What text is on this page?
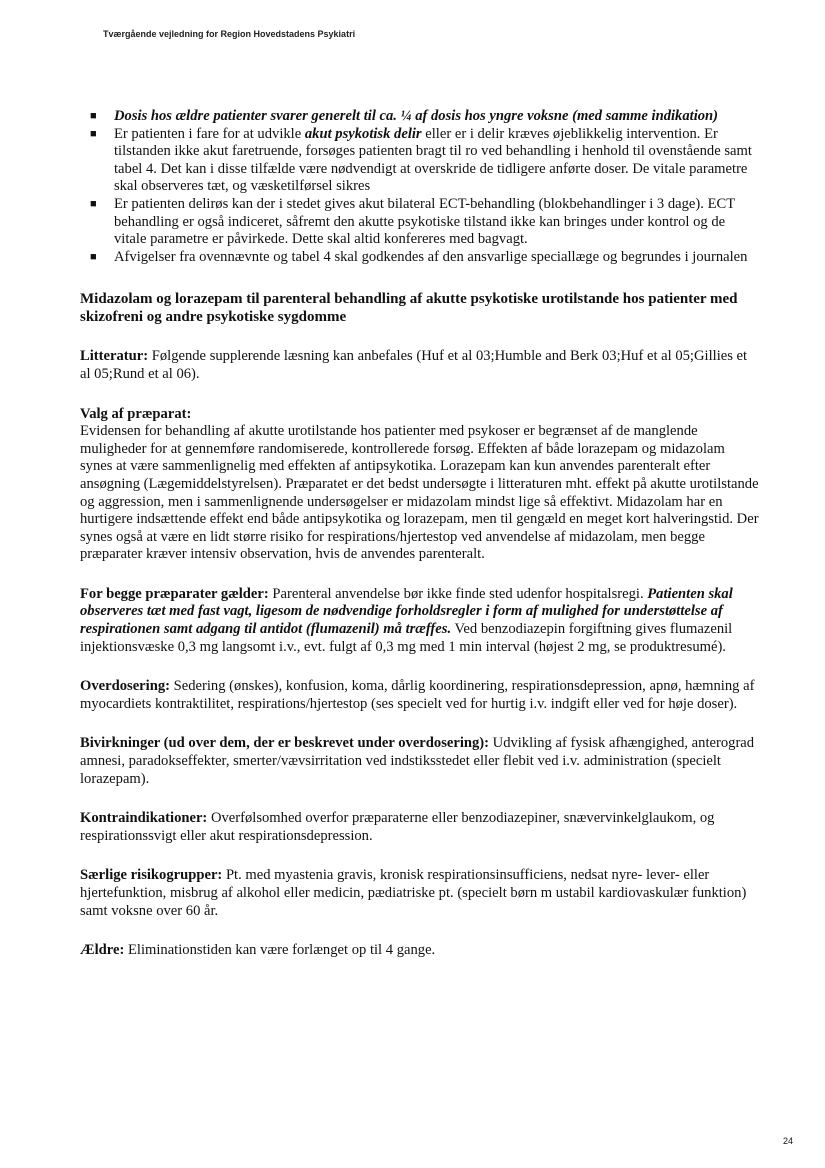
Tværgående vejledning for Region Hovedstadens Psykiatri
■ Dosis hos ældre patienter svarer generelt til ca. ¼ af dosis hos yngre voksne (med samme indikation)
■ Er patienten i fare for at udvikle akut psykotisk delir eller er i delir kræves øjeblikkelig intervention. Er tilstanden ikke akut faretruende, forsøges patienten bragt til ro ved behandling i henhold til ovenstående samt tabel 4. Det kan i disse tilfælde være nødvendigt at overskride de tidligere anførte doser. De vitale parametre skal observeres tæt, og væsketilførsel sikres
■ Er patienten delirøs kan der i stedet gives akut bilateral ECT-behandling (blokbehandlinger i 3 dage). ECT behandling er også indiceret, såfremt den akutte psykotiske tilstand ikke kan bringes under kontrol og de vitale parametre er påvirkede. Dette skal altid konfereres med bagvagt.
■ Afvigelser fra ovennævnte og tabel 4 skal godkendes af den ansvarlige speciallæge og begrundes i journalen
Midazolam og lorazepam til parenteral behandling af akutte psykotiske urotilstande hos patienter med skizofreni og andre psykotiske sygdomme

Litteratur: Følgende supplerende læsning kan anbefales (Huf et al 03;Humble and Berk 03;Huf et al 05;Gillies et al 05;Rund et al 06).

Valg af præparat:
Evidensen for behandling af akutte urotilstande hos patienter med psykoser er begrænset af de manglende muligheder for at gennemføre randomiserede, kontrollerede forsøg. Effekten af både lorazepam og midazolam synes at være sammenlignelig med effekten af antipsykotika. Lorazepam kan kun anvendes parenteralt efter ansøgning (Lægemiddelstyrelsen). Præparatet er det bedst undersøgte i litteraturen mht. effekt på akutte urotilstande og aggression, men i sammenlignende undersøgelser er midazolam mindst lige så effektivt. Midazolam har en hurtigere indsættende effekt end både antipsykotika og lorazepam, men til gengæld en meget kort halveringstid. Der synes også at være en lidt større risiko for respirations/hjertestop ved anvendelse af midazolam, men begge præparater kræver intensiv observation, hvis de anvendes parenteralt.

For begge præparater gælder: Parenteral anvendelse bør ikke finde sted udenfor hospitalsregi. Patienten skal observeres tæt med fast vagt, ligesom de nødvendige forholdsregler i form af mulighed for understøttelse af respirationen samt adgang til antidot (flumazenil) må træffes. Ved benzodiazepin forgiftning gives flumazenil injektionsvæske 0,3 mg langsomt i.v., evt. fulgt af 0,3 mg med 1 min interval (højest 2 mg, se produktresumé).

Overdosering: Sedering (ønskes), konfusion, koma, dårlig koordinering, respirationsdepression, apnø, hæmning af myocardiets kontraktilitet, respirations/hjertestop (ses specielt ved for hurtig i.v. indgift eller ved for høje doser).

Bivirkninger (ud over dem, der er beskrevet under overdosering): Udvikling af fysisk afhængighed, anterograd amnesi, paradokseffekter, smerter/vævsirritation ved indstiksstedet eller flebit ved i.v. administration (specielt lorazepam).

Kontraindikationer: Overfølsomhed overfor præparaterne eller benzodiazepiner, snævervinkelglaukom, og respirationssvigt eller akut respirationsdepression.

Særlige risikogrupper: Pt. med myastenia gravis, kronisk respirationsinsufficiens, nedsat nyre- lever- eller hjertefunktion, misbrug af alkohol eller medicin, pædiatriske pt. (specielt børn m ustabil kardiovaskulær funktion) samt voksne over 60 år.

Ældre: Eliminationstiden kan være forlænget op til 4 gange.

24
